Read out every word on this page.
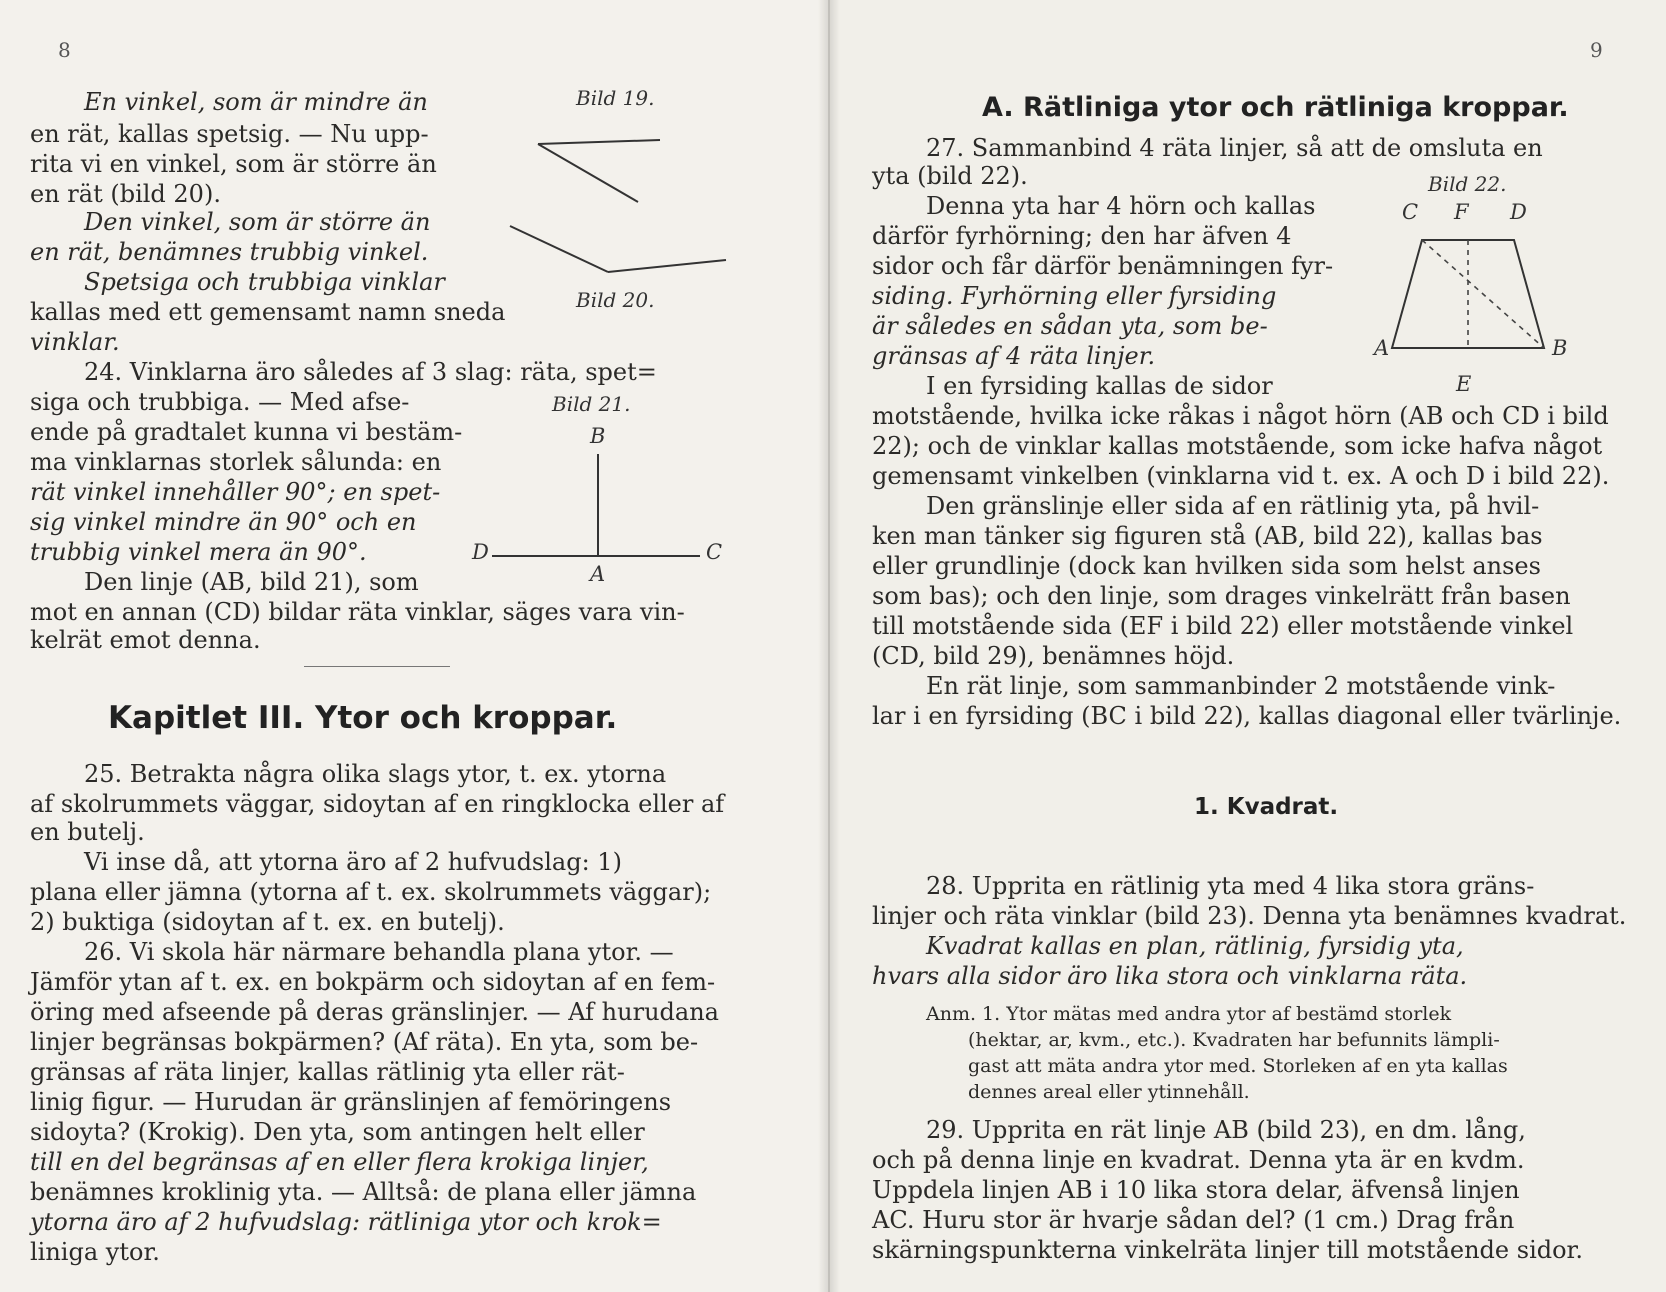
8
Bild 19.
Bild 20.
Bild 21.
B
D	C
A
En vinkel, som är mindre än
en rät, kallas spetsig. — Nu upp-
rita vi en vinkel, som är större än
en rät (bild 20).
Den vinkel, som är större än
en rät, benämnes trubbig vinkel.
Spetsiga och trubbiga vinklar
kallas med ett gemensamt namn sneda
vinklar.
24. Vinklarna äro således af 3 slag: räta, spet=
siga och trubbiga. — Med afse-
ende på gradtalet kunna vi bestäm-
ma vinklarnas storlek sålunda: en
rät vinkel innehåller 90°; en spet-
sig vinkel mindre än 90° och en
trubbig vinkel mera än 90°.
Den linje (AB, bild 21), som
mot en annan (CD) bildar räta vinklar, säges vara vin-
kelrät emot denna.
Kapitlet III. Ytor och kroppar.
25. Betrakta några olika slags ytor, t. ex. ytorna
af skolrummets väggar, sidoytan af en ringklocka eller af
en butelj.
Vi inse då, att ytorna äro af 2 hufvudslag: 1)
plana eller jämna (ytorna af t. ex. skolrummets väggar);
2) buktiga (sidoytan af t. ex. en butelj).
26. Vi skola här närmare behandla plana ytor. —
Jämför ytan af t. ex. en bokpärm och sidoytan af en fem-
öring med afseende på deras gränslinjer. — Af hurudana
linjer begränsas bokpärmen? (Af räta). En yta, som be-
gränsas af räta linjer, kallas rätlinig yta eller rät-
linig figur. — Hurudan är gränslinjen af femöringens
sidoyta? (Krokig). Den yta, som antingen helt eller
till en del begränsas af en eller flera krokiga linjer,
benämnes kroklinig yta. — Alltså: de plana eller jämna
ytorna äro af 2 hufvudslag: rätliniga ytor och krok=
liniga ytor.
9
A. Rätliniga ytor och rätliniga kroppar.
Bild 22.
C F D
A	B
E
27. Sammanbind 4 räta linjer, så att de omsluta en
yta (bild 22).
Denna yta har 4 hörn och kallas
därför fyrhörning; den har äfven 4
sidor och får därför benämningen fyr-
siding. Fyrhörning eller fyrsiding
är således en sådan yta, som be-
gränsas af 4 räta linjer.
I en fyrsiding kallas de sidor
motstående, hvilka icke råkas i något hörn (AB och CD i bild
22); och de vinklar kallas motstående, som icke hafva något
gemensamt vinkelben (vinklarna vid t. ex. A och D i bild 22).
Den gränslinje eller sida af en rätlinig yta, på hvil-
ken man tänker sig figuren stå (AB, bild 22), kallas bas
eller grundlinje (dock kan hvilken sida som helst anses
som bas); och den linje, som drages vinkelrätt från basen
till motstående sida (EF i bild 22) eller motstående vinkel
(CD, bild 29), benämnes höjd.
En rät linje, som sammanbinder 2 motstående vink-
lar i en fyrsiding (BC i bild 22), kallas diagonal eller tvärlinje.
1. Kvadrat.
28. Upprita en rätlinig yta med 4 lika stora gräns-
linjer och räta vinklar (bild 23). Denna yta benämnes kvadrat.
Kvadrat kallas en plan, rätlinig, fyrsidig yta,
hvars alla sidor äro lika stora och vinklarna räta.
Anm. 1. Ytor mätas med andra ytor af bestämd storlek
(hektar, ar, kvm., etc.). Kvadraten har befunnits lämpli-
gast att mäta andra ytor med. Storleken af en yta kallas
dennes areal eller ytinnehåll.
29. Upprita en rät linje AB (bild 23), en dm. lång,
och på denna linje en kvadrat. Denna yta är en kvdm.
Uppdela linjen AB i 10 lika stora delar, äfvenså linjen
AC. Huru stor är hvarje sådan del? (1 cm.) Drag från
skärningspunkterna vinkelräta linjer till motstående sidor.
